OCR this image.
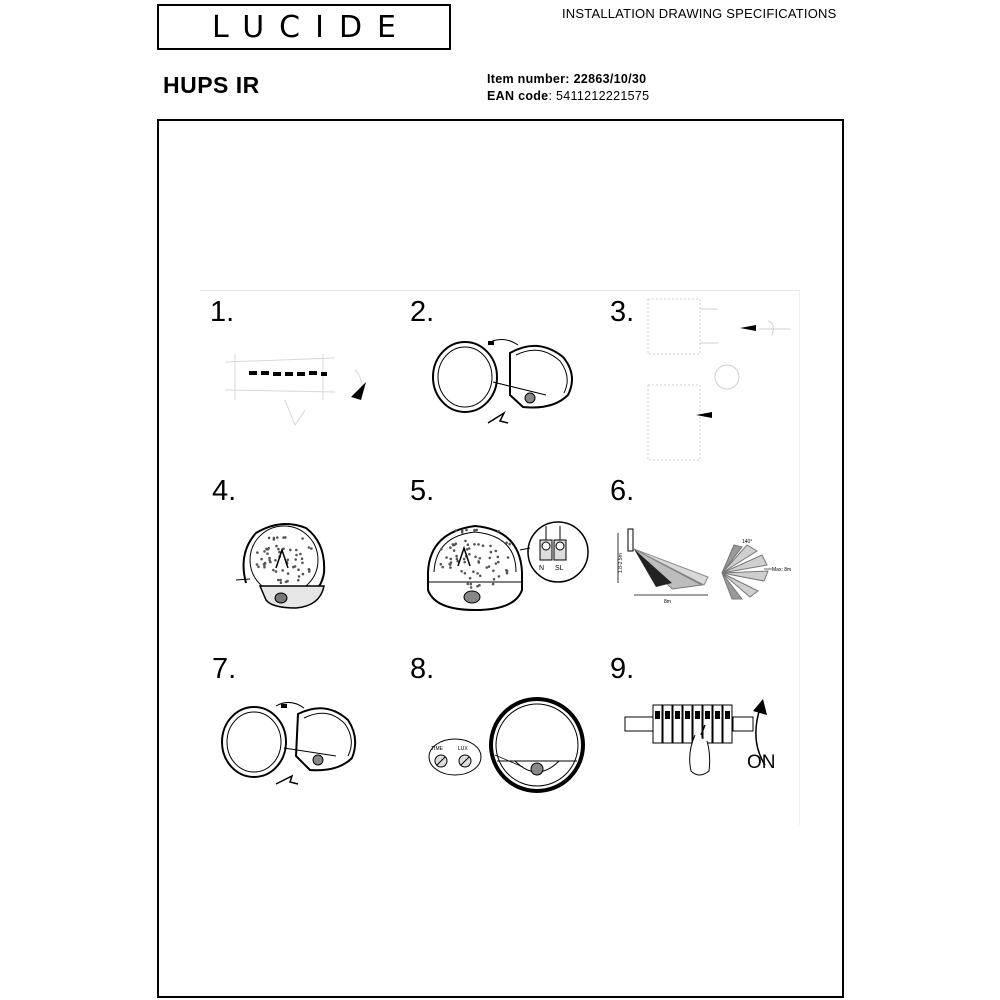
LUCIDE	INSTALLATION DRAWING SPECIFICATIONS
HUPS IR	Item number: 22863/10/30
EAN code: 5411212221575
1.	2.	3.
4.	5.	6.
7.	8.	9.
N SL	1.8-2.5m
8m
140°
Max: 8m
TIME	LUX
ON
